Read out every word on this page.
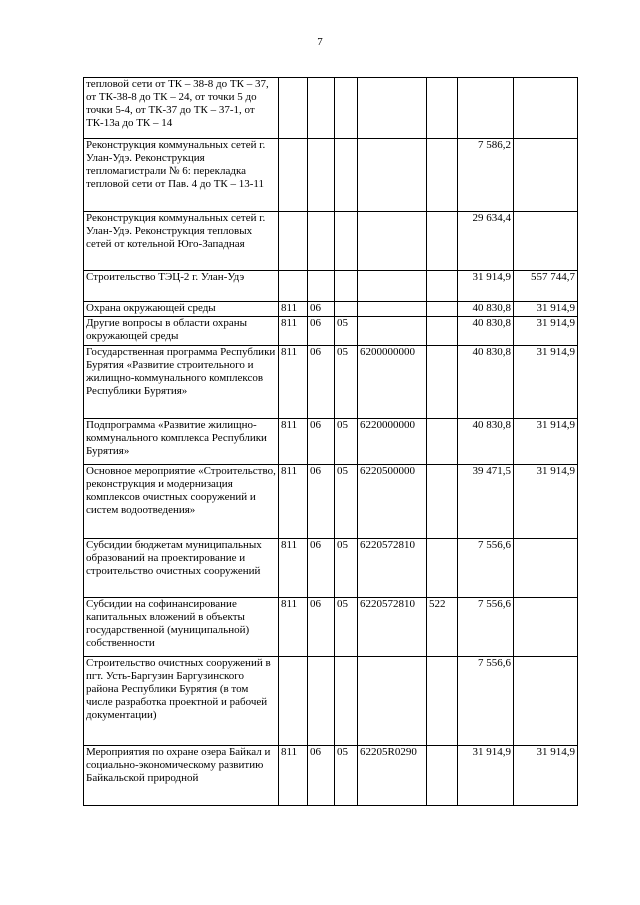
7
тепловой сети от ТК – 38-8 до ТК – 37, от ТК-38-8 до ТК – 24, от точки 5 до точки 5-4, от ТК-37 до ТК – 37-1, от ТК-13а до ТК – 14							
Реконструкция коммунальных сетей г. Улан-Удэ. Реконструкция тепломагистрали № 6: перекладка тепловой сети от Пав. 4 до ТК – 13-11						7 586,2	
Реконструкция коммунальных сетей г. Улан-Удэ. Реконструкция тепловых сетей от котельной Юго-Западная						29 634,4	
Строительство ТЭЦ-2 г. Улан-Удэ						31 914,9	557 744,7
Охрана окружающей среды	811	06				40 830,8	31 914,9
Другие вопросы в области охраны окружающей среды	811	06	05			40 830,8	31 914,9
Государственная программа Республики Бурятия «Развитие строительного и жилищно-коммунального комплексов Республики Бурятия»	811	06	05	6200000000		40 830,8	31 914,9
Подпрограмма «Развитие жилищно-коммунального комплекса Республики Бурятия»	811	06	05	6220000000		40 830,8	31 914,9
Основное мероприятие «Строительство, реконструкция и модернизация комплексов очистных сооружений и систем водоотведения»	811	06	05	6220500000		39 471,5	31 914,9
Субсидии бюджетам муниципальных образований на проектирование и строительство очистных сооружений	811	06	05	6220572810		7 556,6	
Субсидии на софинансирование капитальных вложений в объекты государственной (муниципальной) собственности	811	06	05	6220572810	522	7 556,6	
Строительство очистных сооружений в пгт. Усть-Баргузин Баргузинского района Республики Бурятия (в том числе разработка проектной и рабочей документации)						7 556,6	
Мероприятия по охране озера Байкал и социально-экономическому развитию Байкальской природной	811	06	05	62205R0290		31 914,9	31 914,9
